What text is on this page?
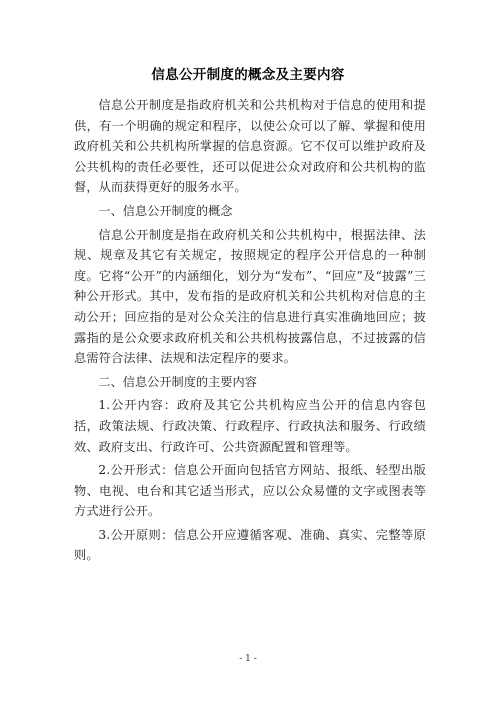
信息公开制度的概念及主要内容

信息公开制度是指政府机关和公共机构对于信息的使用和提供，有一个明确的规定和程序，以使公众可以了解、掌握和使用政府机关和公共机构所掌握的信息资源。它不仅可以维护政府及公共机构的责任必要性，还可以促进公众对政府和公共机构的监督，从而获得更好的服务水平。

一、信息公开制度的概念

信息公开制度是指在政府机关和公共机构中，根据法律、法规、规章及其它有关规定，按照规定的程序公开信息的一种制度。它将“公开”的内涵细化，划分为“发布”、“回应”及“披露”三种公开形式。其中，发布指的是政府机关和公共机构对信息的主动公开；回应指的是对公众关注的信息进行真实准确地回应；披露指的是公众要求政府机关和公共机构披露信息，不过披露的信息需符合法律、法规和法定程序的要求。

二、信息公开制度的主要内容

1.公开内容：政府及其它公共机构应当公开的信息内容包括，政策法规、行政决策、行政程序、行政执法和服务、行政绩效、政府支出、行政许可、公共资源配置和管理等。

2.公开形式：信息公开面向包括官方网站、报纸、轻型出版物、电视、电台和其它适当形式，应以公众易懂的文字或图表等方式进行公开。

3.公开原则：信息公开应遵循客观、准确、真实、完整等原则。

- 1 -
